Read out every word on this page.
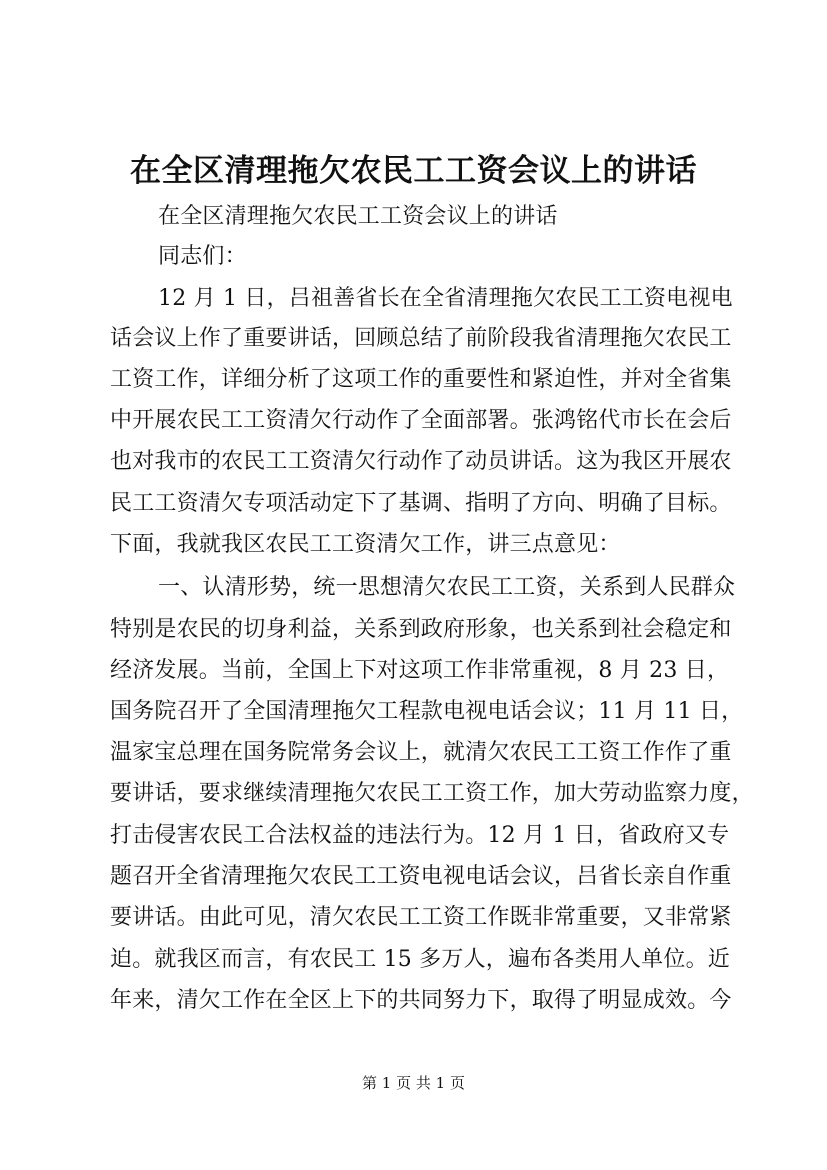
在全区清理拖欠农民工工资会议上的讲话
在全区清理拖欠农民工工资会议上的讲话
同志们：
12 月 1 日，吕祖善省长在全省清理拖欠农民工工资电视电
话会议上作了重要讲话，回顾总结了前阶段我省清理拖欠农民工
工资工作，详细分析了这项工作的重要性和紧迫性，并对全省集
中开展农民工工资清欠行动作了全面部署。张鸿铭代市长在会后
也对我市的农民工工资清欠行动作了动员讲话。这为我区开展农
民工工资清欠专项活动定下了基调、指明了方向、明确了目标。
下面，我就我区农民工工资清欠工作，讲三点意见：
一、认清形势，统一思想清欠农民工工资，关系到人民群众
特别是农民的切身利益，关系到政府形象，也关系到社会稳定和
经济发展。当前，全国上下对这项工作非常重视，8 月 23 日，
国务院召开了全国清理拖欠工程款电视电话会议；11 月 11 日，
温家宝总理在国务院常务会议上，就清欠农民工工资工作作了重
要讲话，要求继续清理拖欠农民工工资工作，加大劳动监察力度，
打击侵害农民工合法权益的违法行为。12 月 1 日，省政府又专
题召开全省清理拖欠农民工工资电视电话会议，吕省长亲自作重
要讲话。由此可见，清欠农民工工资工作既非常重要，又非常紧
迫。就我区而言，有农民工 15 多万人，遍布各类用人单位。近
年来，清欠工作在全区上下的共同努力下，取得了明显成效。今
第 1 页 共 1 页
